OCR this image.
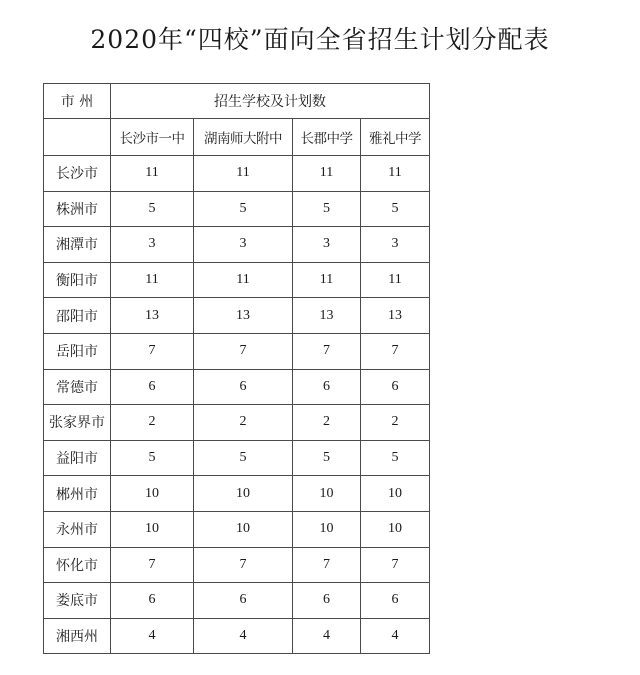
2020年“四校”面向全省招生计划分配表
市 州	招生学校及计划数			
	长沙市一中	湖南师大附中	长郡中学	雅礼中学
长沙市	11	11	11	11
株洲市	5	5	5	5
湘潭市	3	3	3	3
衡阳市	11	11	11	11
邵阳市	13	13	13	13
岳阳市	7	7	7	7
常德市	6	6	6	6
张家界市	2	2	2	2
益阳市	5	5	5	5
郴州市	10	10	10	10
永州市	10	10	10	10
怀化市	7	7	7	7
娄底市	6	6	6	6
湘西州	4	4	4	4
